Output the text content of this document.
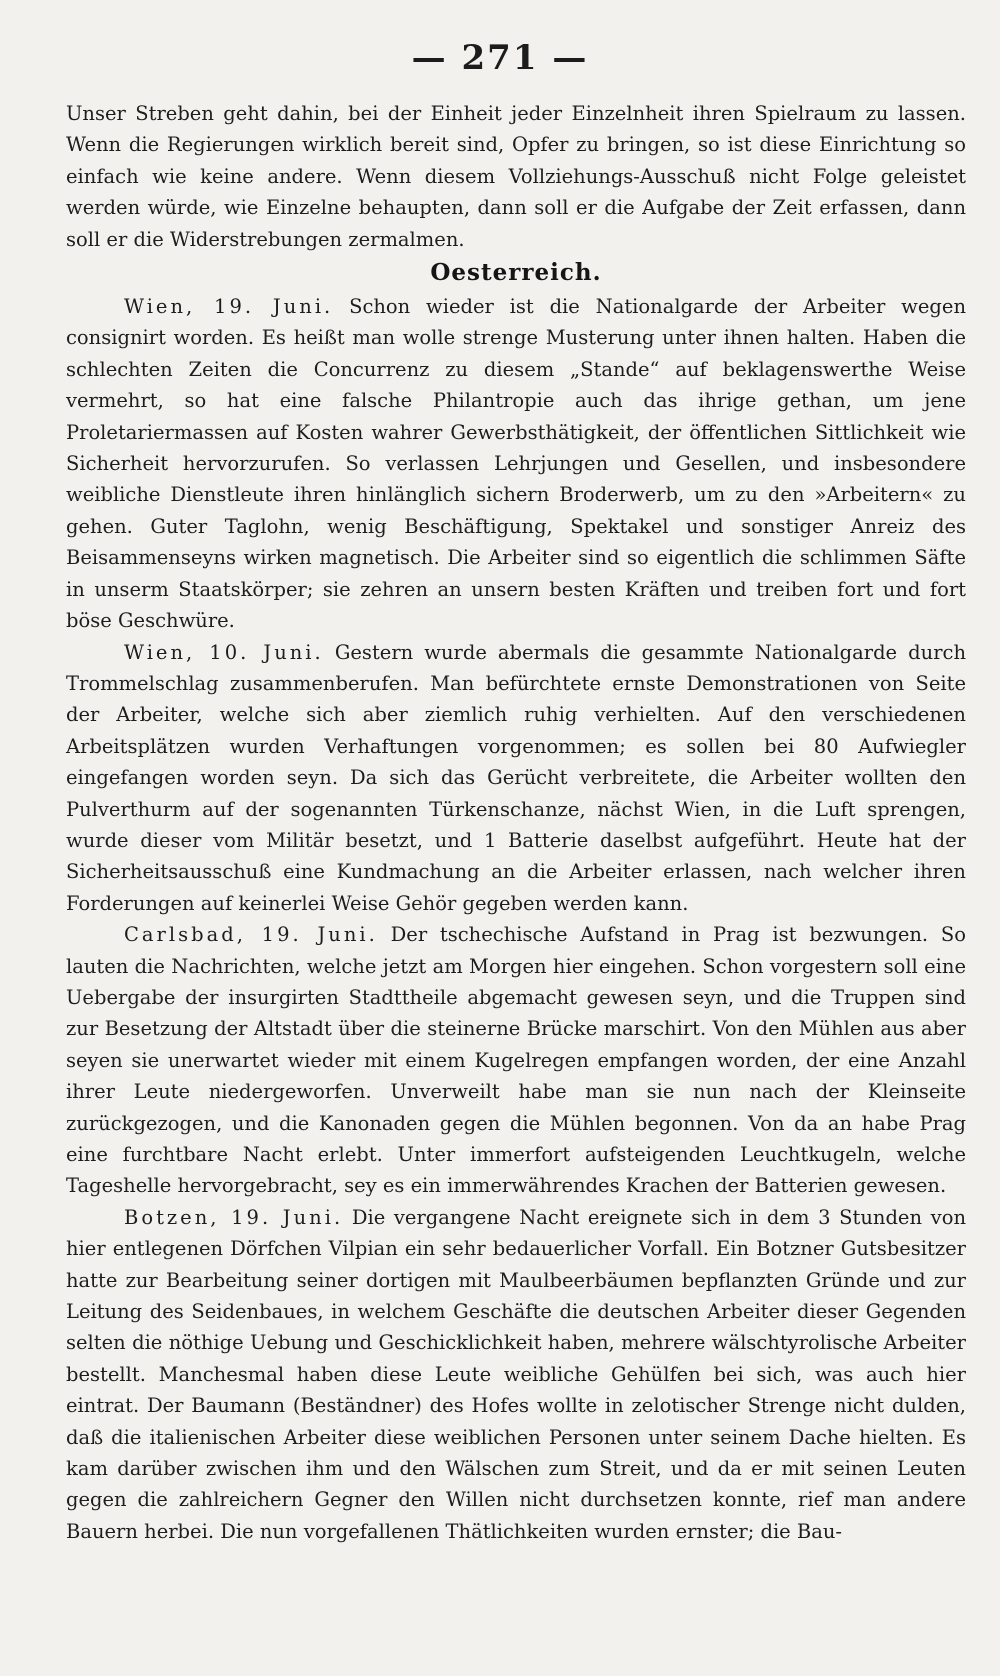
— 271 —

Unser Streben geht dahin, bei der Einheit jeder Einzelnheit ihren Spielraum zu lassen. Wenn die Regierungen wirklich bereit sind, Opfer zu bringen, so ist diese Einrichtung so einfach wie keine andere. Wenn diesem Vollziehungs-Ausschuß nicht Folge geleistet werden würde, wie Einzelne behaupten, dann soll er die Aufgabe der Zeit erfassen, dann soll er die Widerstrebungen zermalmen.

Oesterreich.

Wien, 19. Juni. Schon wieder ist die Nationalgarde der Arbeiter wegen consignirt worden. Es heißt man wolle strenge Musterung unter ihnen halten. Haben die schlechten Zeiten die Concurrenz zu diesem „Stande“ auf beklagenswerthe Weise vermehrt, so hat eine falsche Philantropie auch das ihrige gethan, um jene Proletariermassen auf Kosten wahrer Gewerbsthätigkeit, der öffentlichen Sittlichkeit wie Sicherheit hervorzurufen. So verlassen Lehrjungen und Gesellen, und insbesondere weibliche Dienstleute ihren hinlänglich sichern Broderwerb, um zu den »Arbeitern« zu gehen. Guter Taglohn, wenig Beschäftigung, Spektakel und sonstiger Anreiz des Beisammenseyns wirken magnetisch. Die Arbeiter sind so eigentlich die schlimmen Säfte in unserm Staatskörper; sie zehren an unsern besten Kräften und treiben fort und fort böse Geschwüre.

Wien, 10. Juni. Gestern wurde abermals die gesammte Nationalgarde durch Trommelschlag zusammenberufen. Man befürchtete ernste Demonstrationen von Seite der Arbeiter, welche sich aber ziemlich ruhig verhielten. Auf den verschiedenen Arbeitsplätzen wurden Verhaftungen vorgenommen; es sollen bei 80 Aufwiegler eingefangen worden seyn. Da sich das Gerücht verbreitete, die Arbeiter wollten den Pulverthurm auf der sogenannten Türkenschanze, nächst Wien, in die Luft sprengen, wurde dieser vom Militär besetzt, und 1 Batterie daselbst aufgeführt. Heute hat der Sicherheitsausschuß eine Kundmachung an die Arbeiter erlassen, nach welcher ihren Forderungen auf keinerlei Weise Gehör gegeben werden kann.

Carlsbad, 19. Juni. Der tschechische Aufstand in Prag ist bezwungen. So lauten die Nachrichten, welche jetzt am Morgen hier eingehen. Schon vorgestern soll eine Uebergabe der insurgirten Stadttheile abgemacht gewesen seyn, und die Truppen sind zur Besetzung der Altstadt über die steinerne Brücke marschirt. Von den Mühlen aus aber seyen sie unerwartet wieder mit einem Kugelregen empfangen worden, der eine Anzahl ihrer Leute niedergeworfen. Unverweilt habe man sie nun nach der Kleinseite zurückgezogen, und die Kanonaden gegen die Mühlen begonnen. Von da an habe Prag eine furchtbare Nacht erlebt. Unter immerfort aufsteigenden Leuchtkugeln, welche Tageshelle hervorgebracht, sey es ein immerwährendes Krachen der Batterien gewesen.

Botzen, 19. Juni. Die vergangene Nacht ereignete sich in dem 3 Stunden von hier entlegenen Dörfchen Vilpian ein sehr bedauerlicher Vorfall. Ein Botzner Gutsbesitzer hatte zur Bearbeitung seiner dortigen mit Maulbeerbäumen bepflanzten Gründe und zur Leitung des Seidenbaues, in welchem Geschäfte die deutschen Arbeiter dieser Gegenden selten die nöthige Uebung und Geschicklichkeit haben, mehrere wälschtyrolische Arbeiter bestellt. Manchesmal haben diese Leute weibliche Gehülfen bei sich, was auch hier eintrat. Der Baumann (Beständner) des Hofes wollte in zelotischer Strenge nicht dulden, daß die italienischen Arbeiter diese weiblichen Personen unter seinem Dache hielten. Es kam darüber zwischen ihm und den Wälschen zum Streit, und da er mit seinen Leuten gegen die zahlreichern Gegner den Willen nicht durchsetzen konnte, rief man andere Bauern herbei. Die nun vorgefallenen Thätlichkeiten wurden ernster; die Bau-
